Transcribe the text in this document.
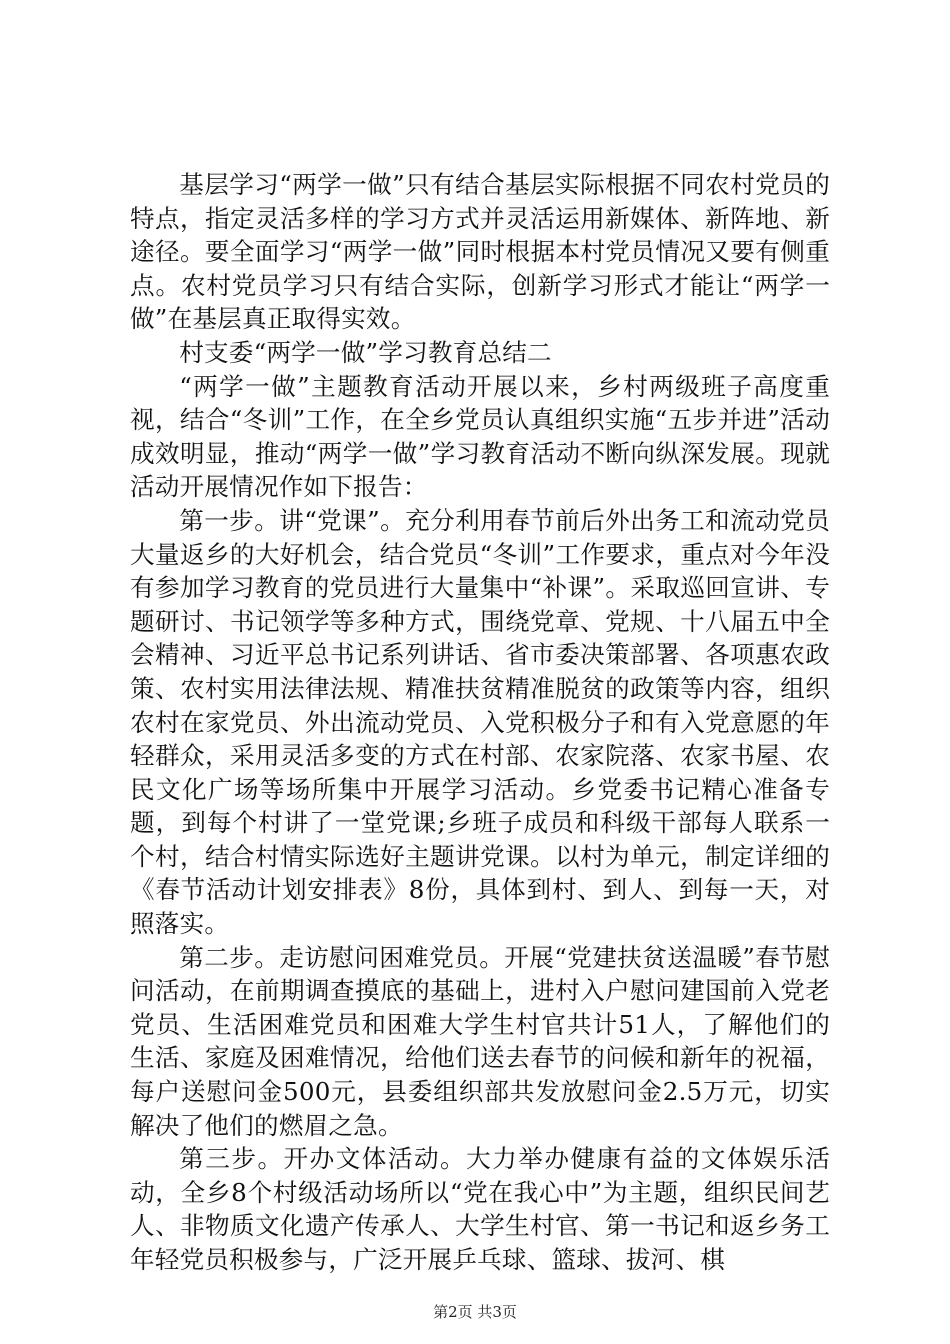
基层学习“两学一做”只有结合基层实际根据不同农村党员的特点，指定灵活多样的学习方式并灵活运用新媒体、新阵地、新途径。要全面学习“两学一做”同时根据本村党员情况又要有侧重点。农村党员学习只有结合实际，创新学习形式才能让“两学一做”在基层真正取得实效。

村支委“两学一做”学习教育总结二

“两学一做”主题教育活动开展以来，乡村两级班子高度重视，结合“冬训”工作，在全乡党员认真组织实施“五步并进”活动成效明显，推动“两学一做”学习教育活动不断向纵深发展。现就活动开展情况作如下报告：

第一步。讲“党课”。充分利用春节前后外出务工和流动党员大量返乡的大好机会，结合党员“冬训”工作要求，重点对今年没有参加学习教育的党员进行大量集中“补课”。采取巡回宣讲、专题研讨、书记领学等多种方式，围绕党章、党规、十八届五中全会精神、习近平总书记系列讲话、省市委决策部署、各项惠农政策、农村实用法律法规、精准扶贫精准脱贫的政策等内容，组织农村在家党员、外出流动党员、入党积极分子和有入党意愿的年轻群众，采用灵活多变的方式在村部、农家院落、农家书屋、农民文化广场等场所集中开展学习活动。乡党委书记精心准备专题，到每个村讲了一堂党课;乡班子成员和科级干部每人联系一个村，结合村情实际选好主题讲党课。以村为单元，制定详细的《春节活动计划安排表》8份，具体到村、到人、到每一天，对照落实。

第二步。走访慰问困难党员。开展“党建扶贫送温暖”春节慰问活动，在前期调查摸底的基础上，进村入户慰问建国前入党老党员、生活困难党员和困难大学生村官共计51人，了解他们的生活、家庭及困难情况，给他们送去春节的问候和新年的祝福，每户送慰问金500元，县委组织部共发放慰问金2.5万元，切实解决了他们的燃眉之急。

第三步。开办文体活动。大力举办健康有益的文体娱乐活动，全乡8个村级活动场所以“党在我心中”为主题，组织民间艺人、非物质文化遗产传承人、大学生村官、第一书记和返乡务工年轻党员积极参与，广泛开展乒乓球、篮球、拔河、棋

第2页 共3页
